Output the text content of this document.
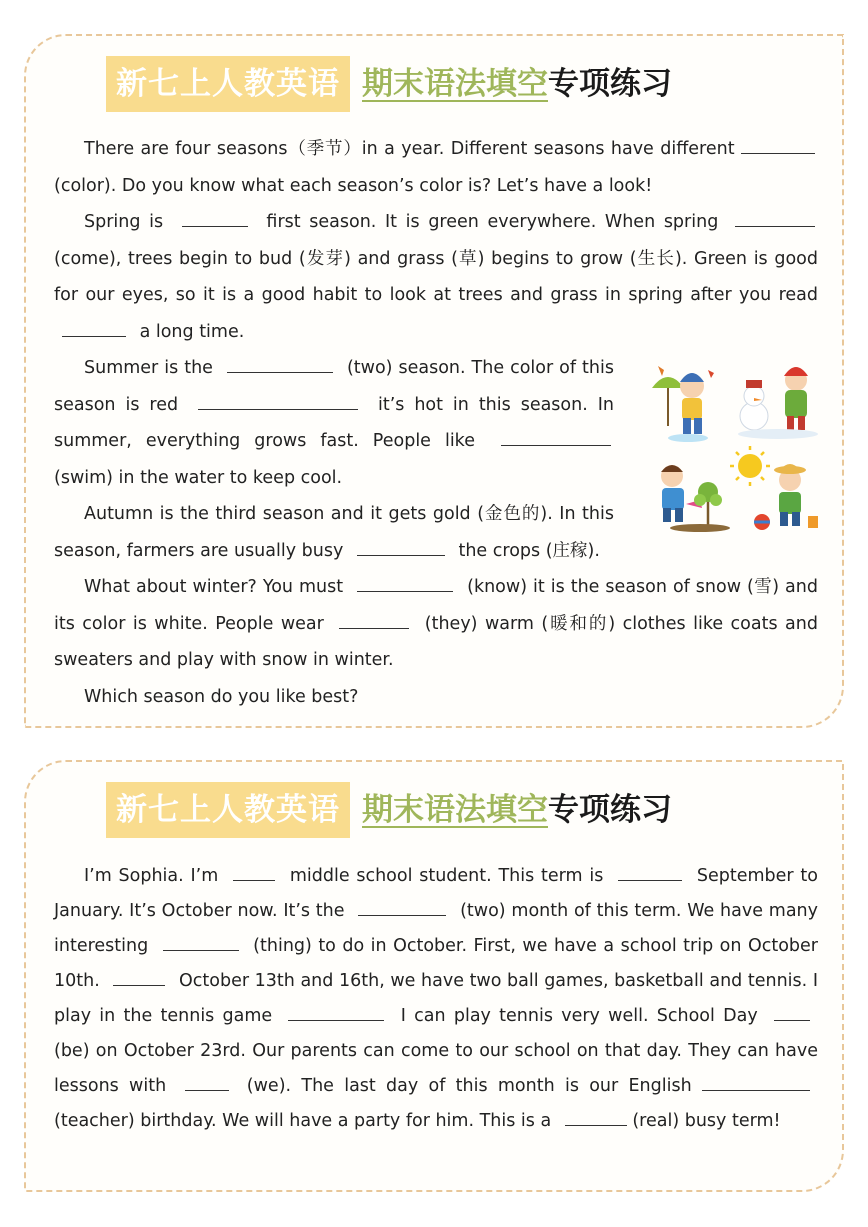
新七上人教英语 期末语法填空 专项练习

There are four seasons（季节）in a year. Different seasons have different  (color). Do you know what each season’s color is? Let’s have a look!

Spring is	first season. It is green everywhere. When spring  (come), trees begin to bud (发芽) and grass (草) begins to grow (生长). Green is good for our eyes, so it is a good habit to look at trees and grass in spring after you read  a long time.

Summer is the	(two) season. The color of this season is red	it’s hot in this season. In summer, everything grows fast. People like  (swim) in the water to keep cool.

Autumn is the third season and it gets gold (金色的). In this season, farmers are usually busy	the crops (庄稼).

What about winter? You must	(know) it is the season of snow (雪) and its color is white. People wear	(they) warm (暖和的) clothes like coats and sweaters and play with snow in winter.

Which season do you like best?

新七上人教英语 期末语法填空 专项练习

I’m Sophia. I’m	middle school student. This term is	September to January. It’s October now. It’s the	(two) month of this term. We have many interesting	(thing) to do in October. First, we have a school trip on October 10th.	October 13th and 16th, we have two ball games, basketball and tennis. I play in the tennis game	I can play tennis very well. School Day  (be) on October 23rd. Our parents can come to our school on that day. They can have lessons with	(we). The last day of this month is our English  (teacher) birthday. We will have a party for him. This is a	(real) busy term!
